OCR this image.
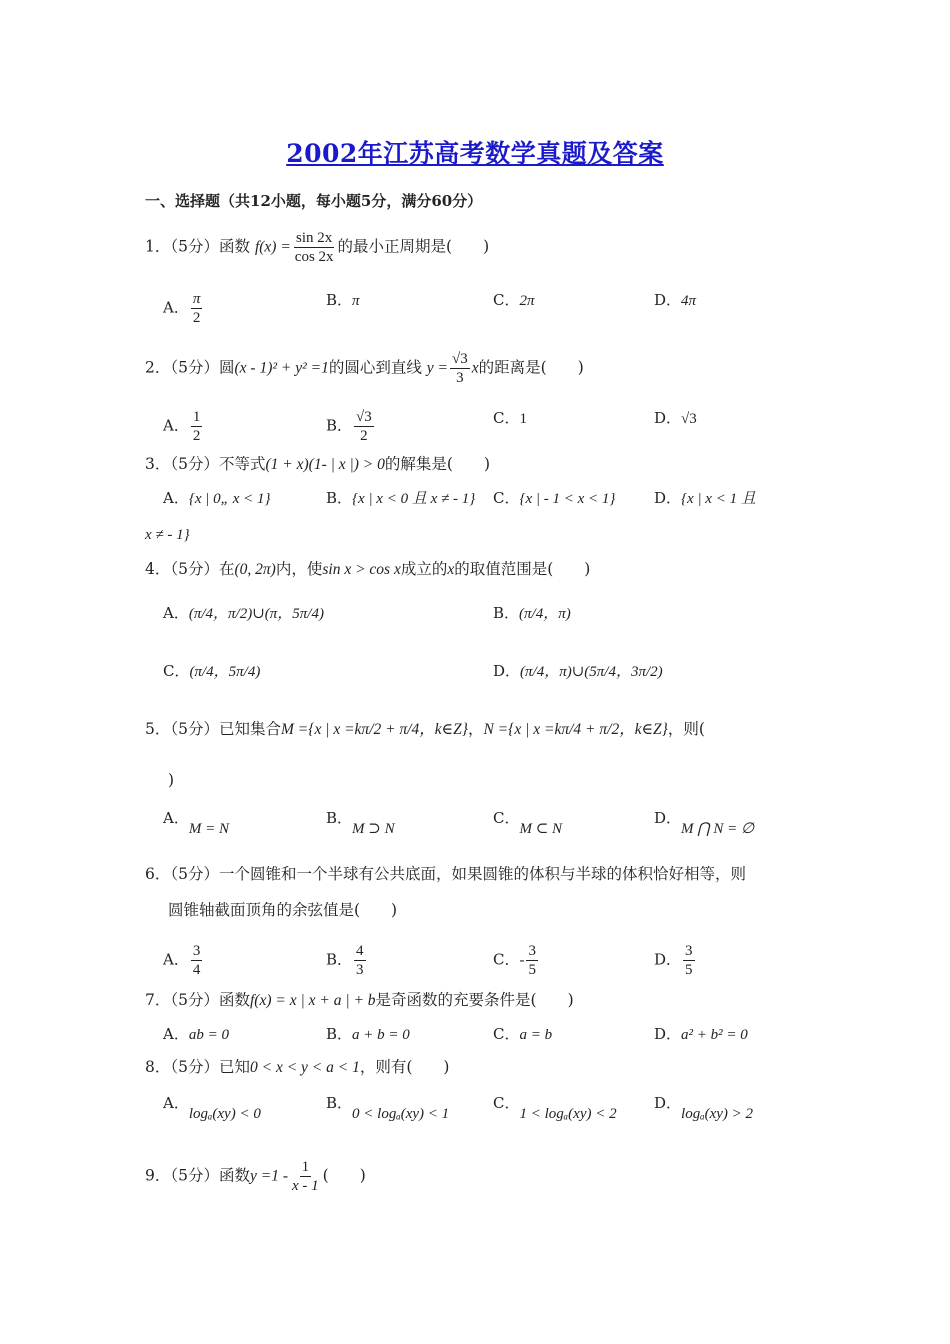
2002年江苏高考数学真题及答案
一、选择题（共12小题，每小题5分，满分60分）
1．（5分）函数 $f(x) = \frac{\sin 2x}{\cos 2x}$ 的最小正周期是(　　)
A． $\frac{\pi}{2}$	B．π	C．2π	D．4π
2．（5分）圆(x - 1)² + y² =1的圆心到直线 $y = \frac{√3}{3}$ x的距离是(　　)
A． $\frac{1}{2}$	B． $\frac{√3}{2}$	C．1	D．√3
3．（5分）不等式(1 + x)(1- | x |) > 0的解集是(　　)
A．{x | 0„ x < 1}	B．{x | x < 0 且 x ≠ - 1} C．{x | - 1 < x < 1}	D．{x | x < 1 且
x ≠ - 1}
4．（5分）在(0, 2π)内，使sin x > cos x成立的x的取值范围是(　　)
A．(π/4，π/2)∪(π，5π/4)	B．(π/4，π)
C．(π/4，5π/4)	D．(π/4，π)∪(5π/4，3π/2)
5．（5分）已知集合M ={x | x =kπ/2 + π/4，k∈Z}，N ={x | x =kπ/4 + π/2，k∈Z}，则(
)
A．M = N
B．M ⊃ N
C．M ⊂ N
D．M ⋂ N = ∅
6．（5分）一个圆锥和一个半球有公共底面，如果圆锥的体积与半球的体积恰好相等，则
圆锥轴截面顶角的余弦值是(　　)
A． $\frac{3}{4}$	B． $\frac{4}{3}$	C．- $\frac{3}{5}$	D． $\frac{3}{5}$
7．（5分）函数f(x) = x | x + a | + b是奇函数的充要条件是(　　)
A．ab = 0	B．a + b = 0	C．a = b	D．a² + b² = 0
8．（5分）已知0 < x < y < a < 1，则有(　　)
A．logₐ(xy) < 0
B．0 < logₐ(xy) < 1
C．1 < logₐ(xy) < 2
D．logₐ(xy) > 2
9．（5分）函数$y =1 - \frac{1}{x - 1}$ (　　)
